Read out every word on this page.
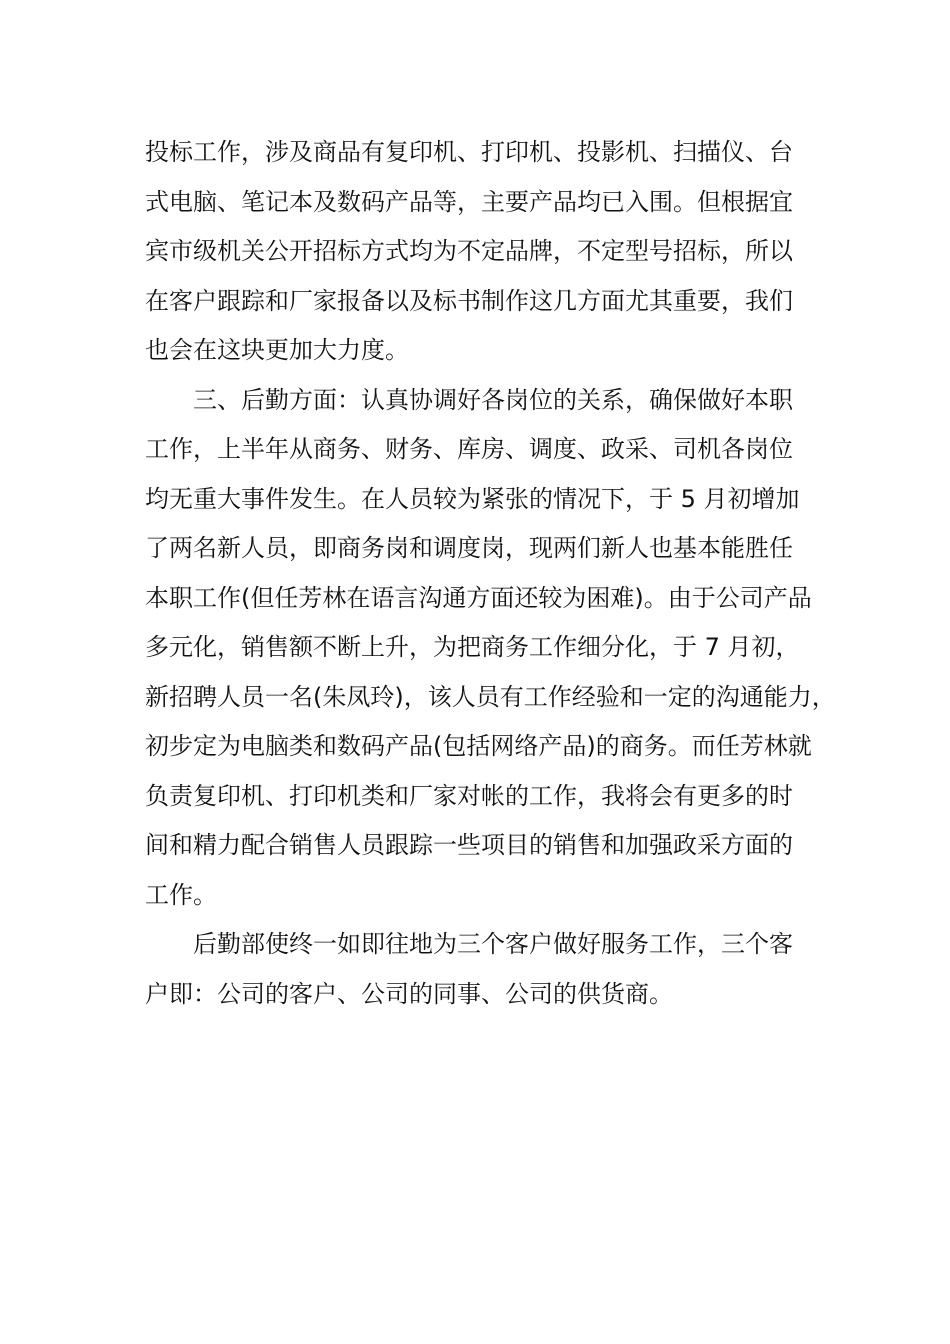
投标工作，涉及商品有复印机、打印机、投影机、扫描仪、台
式电脑、笔记本及数码产品等，主要产品均已入围。但根据宜
宾市级机关公开招标方式均为不定品牌，不定型号招标，所以
在客户跟踪和厂家报备以及标书制作这几方面尤其重要，我们
也会在这块更加大力度。
三、后勤方面：认真协调好各岗位的关系，确保做好本职
工作，上半年从商务、财务、库房、调度、政采、司机各岗位
均无重大事件发生。在人员较为紧张的情况下，于 5 月初增加
了两名新人员，即商务岗和调度岗，现两们新人也基本能胜任
本职工作(但任芳林在语言沟通方面还较为困难)。由于公司产品
多元化，销售额不断上升，为把商务工作细分化，于 7 月初，
新招聘人员一名(朱凤玲)，该人员有工作经验和一定的沟通能力，
初步定为电脑类和数码产品(包括网络产品)的商务。而任芳林就
负责复印机、打印机类和厂家对帐的工作，我将会有更多的时
间和精力配合销售人员跟踪一些项目的销售和加强政采方面的
工作。
后勤部使终一如即往地为三个客户做好服务工作，三个客
户即：公司的客户、公司的同事、公司的供货商。
